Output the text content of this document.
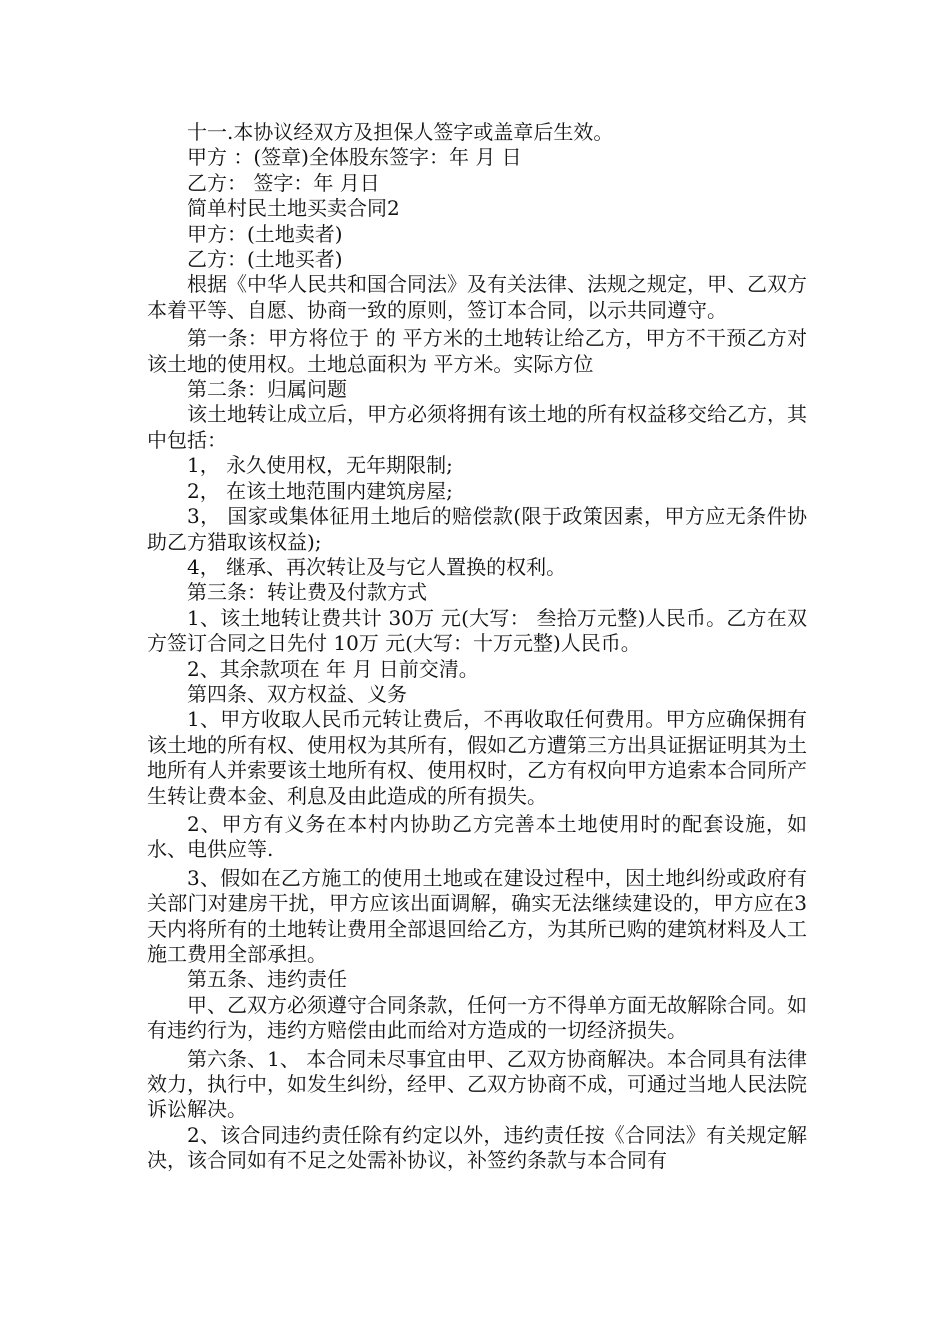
十一.本协议经双方及担保人签字或盖章后生效。

甲方 ：(签章)全体股东签字：年 月 日

乙方： 签字：年 月日

简单村民土地买卖合同2

甲方：(土地卖者)

乙方：(土地买者)

根据《中华人民共和国合同法》及有关法律、法规之规定，甲、乙双方本着平等、自愿、协商一致的原则，签订本合同，以示共同遵守。

第一条：甲方将位于 的 平方米的土地转让给乙方，甲方不干预乙方对该土地的使用权。土地总面积为 平方米。实际方位

第二条：归属问题

该土地转让成立后，甲方必须将拥有该土地的所有权益移交给乙方，其中包括：

1， 永久使用权，无年期限制;

2， 在该土地范围内建筑房屋;

3， 国家或集体征用土地后的赔偿款(限于政策因素，甲方应无条件协助乙方猎取该权益);

4， 继承、再次转让及与它人置换的权利。

第三条：转让费及付款方式

1、该土地转让费共计 30万 元(大写： 叁拾万元整)人民币。乙方在双方签订合同之日先付 10万 元(大写：十万元整)人民币。

2、其余款项在 年 月 日前交清。

第四条、双方权益、义务

1、甲方收取人民币元转让费后，不再收取任何费用。甲方应确保拥有该土地的所有权、使用权为其所有，假如乙方遭第三方出具证据证明其为土地所有人并索要该土地所有权、使用权时，乙方有权向甲方追索本合同所产生转让费本金、利息及由此造成的所有损失。

2、甲方有义务在本村内协助乙方完善本土地使用时的配套设施，如水、电供应等.

3、假如在乙方施工的使用土地或在建设过程中，因土地纠纷或政府有关部门对建房干扰，甲方应该出面调解，确实无法继续建设的，甲方应在3天内将所有的土地转让费用全部退回给乙方，为其所已购的建筑材料及人工施工费用全部承担。

第五条、违约责任

甲、乙双方必须遵守合同条款，任何一方不得单方面无故解除合同。如有违约行为，违约方赔偿由此而给对方造成的一切经济损失。

第六条、1、 本合同未尽事宜由甲、乙双方协商解决。本合同具有法律效力，执行中，如发生纠纷，经甲、乙双方协商不成，可通过当地人民法院诉讼解决。

2、该合同违约责任除有约定以外，违约责任按《合同法》有关规定解决，该合同如有不足之处需补协议，补签约条款与本合同有
